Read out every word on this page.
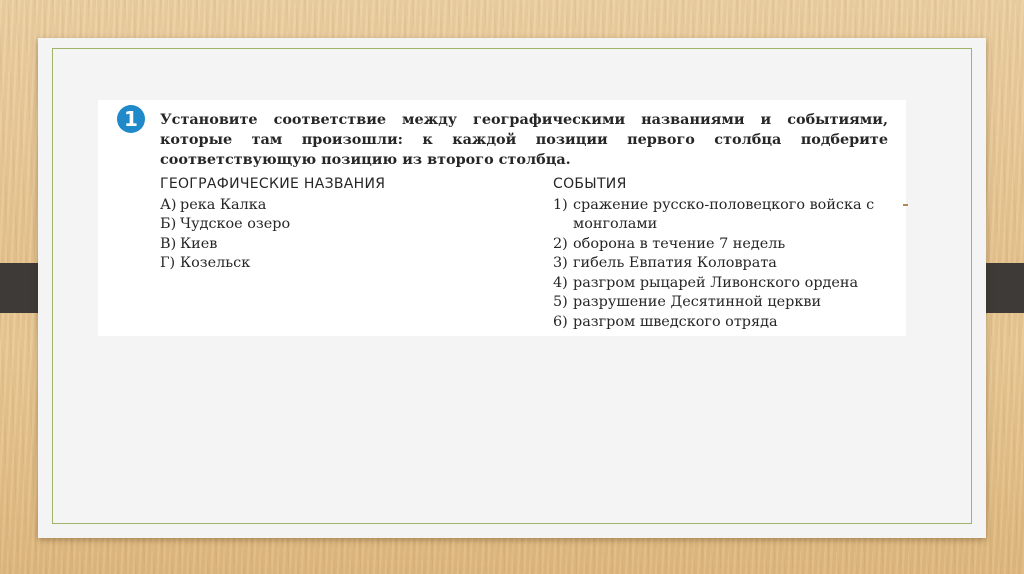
1	Установите соответствие между географическими названиями и событиями, которые там произошли: к каждой позиции первого столбца подберите соответствующую позицию из второго столбца.

ГЕОГРАФИЧЕСКИЕ НАЗВАНИЯ
А) река Калка
Б) Чудское озеро
В) Киев
Г) Козельск
СОБЫТИЯ
1) сражение русско-половецкого войска с монголами
2) оборона в течение 7 недель
3) гибель Евпатия Коловрата
4) разгром рыцарей Ливонского ордена
5) разрушение Десятинной церкви
6) разгром шведского отряда
